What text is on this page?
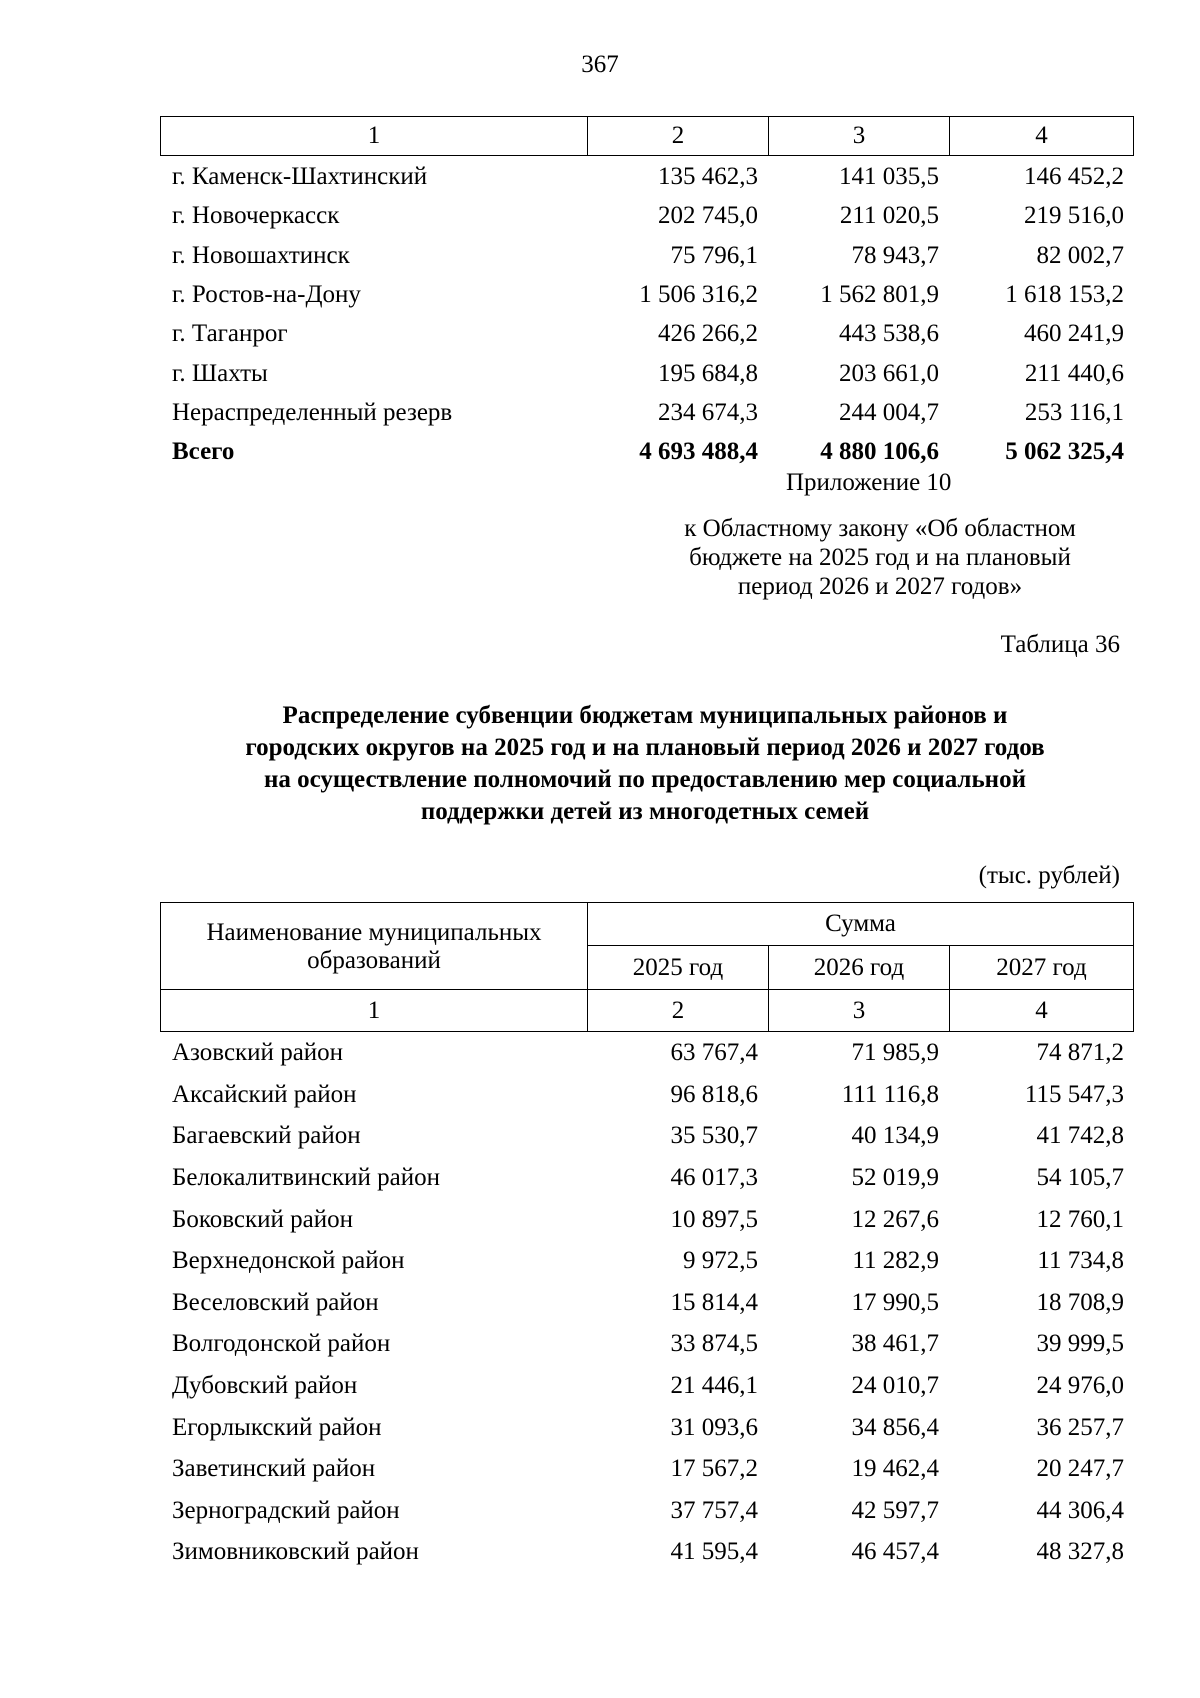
367
1	2	3	4
г. Каменск-Шахтинский	135 462,3	141 035,5	146 452,2
г. Новочеркасск	202 745,0	211 020,5	219 516,0
г. Новошахтинск	75 796,1	78 943,7	82 002,7
г. Ростов-на-Дону	1 506 316,2	1 562 801,9	1 618 153,2
г. Таганрог	426 266,2	443 538,6	460 241,9
г. Шахты	195 684,8	203 661,0	211 440,6
Нераспределенный резерв	234 674,3	244 004,7	253 116,1
Всего	4 693 488,4	4 880 106,6	5 062 325,4
Приложение 10
к Областному закону «Об областном
бюджете на 2025 год и на плановый
период 2026 и 2027 годов»
Таблица 36
Распределение субвенции бюджетам муниципальных районов и
городских округов на 2025 год и на плановый период 2026 и 2027 годов
на осуществление полномочий по предоставлению мер социальной
поддержки детей из многодетных семей
(тыс. рублей)
Наименование муниципальных
образований
Сумма
2025 год	2026 год	2027 год
1	2	3	4
Азовский район	63 767,4	71 985,9	74 871,2
Аксайский район	96 818,6	111 116,8	115 547,3
Багаевский район	35 530,7	40 134,9	41 742,8
Белокалитвинский район	46 017,3	52 019,9	54 105,7
Боковский район	10 897,5	12 267,6	12 760,1
Верхнедонской район	9 972,5	11 282,9	11 734,8
Веселовский район	15 814,4	17 990,5	18 708,9
Волгодонской район	33 874,5	38 461,7	39 999,5
Дубовский район	21 446,1	24 010,7	24 976,0
Егорлыкский район	31 093,6	34 856,4	36 257,7
Заветинский район	17 567,2	19 462,4	20 247,7
Зерноградский район	37 757,4	42 597,7	44 306,4
Зимовниковский район	41 595,4	46 457,4	48 327,8
